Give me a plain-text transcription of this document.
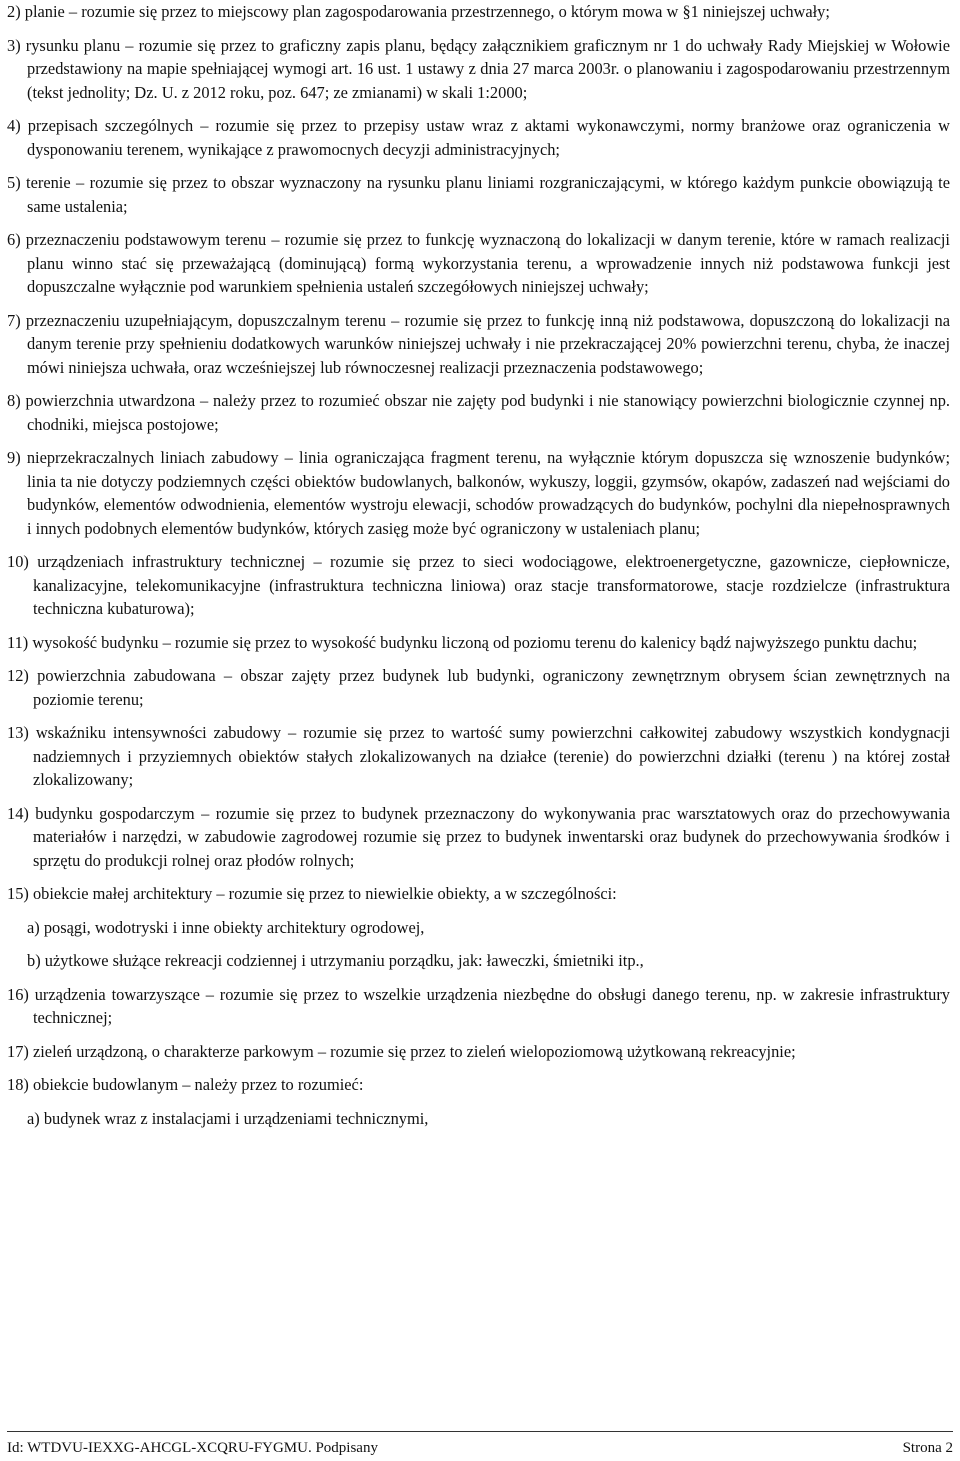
2) planie – rozumie się przez to miejscowy plan zagospodarowania przestrzennego, o którym mowa w §1 niniejszej uchwały;

3) rysunku planu – rozumie się przez to graficzny zapis planu, będący załącznikiem graficznym nr 1 do uchwały Rady Miejskiej w Wołowie przedstawiony na mapie spełniającej wymogi art. 16 ust. 1 ustawy z dnia 27 marca 2003r. o planowaniu i zagospodarowaniu przestrzennym (tekst jednolity; Dz. U. z 2012 roku, poz. 647; ze zmianami) w skali 1:2000;

4) przepisach szczególnych – rozumie się przez to przepisy ustaw wraz z aktami wykonawczymi, normy branżowe oraz ograniczenia w dysponowaniu terenem, wynikające z prawomocnych decyzji administracyjnych;

5) terenie – rozumie się przez to obszar wyznaczony na rysunku planu liniami rozgraniczającymi, w którego każdym punkcie obowiązują te same ustalenia;

6) przeznaczeniu podstawowym terenu – rozumie się przez to funkcję wyznaczoną do lokalizacji w danym terenie, które w ramach realizacji planu winno stać się przeważającą (dominującą) formą wykorzystania terenu, a wprowadzenie innych niż podstawowa funkcji jest dopuszczalne wyłącznie pod warunkiem spełnienia ustaleń szczegółowych niniejszej uchwały;

7) przeznaczeniu uzupełniającym, dopuszczalnym terenu – rozumie się przez to funkcję inną niż podstawowa, dopuszczoną do lokalizacji na danym terenie przy spełnieniu dodatkowych warunków niniejszej uchwały i nie przekraczającej 20% powierzchni terenu, chyba, że inaczej mówi niniejsza uchwała, oraz wcześniejszej lub równoczesnej realizacji przeznaczenia podstawowego;

8) powierzchnia utwardzona – należy przez to rozumieć obszar nie zajęty pod budynki i nie stanowiący powierzchni biologicznie czynnej np. chodniki, miejsca postojowe;

9) nieprzekraczalnych liniach zabudowy – linia ograniczająca fragment terenu, na wyłącznie którym dopuszcza się wznoszenie budynków; linia ta nie dotyczy podziemnych części obiektów budowlanych, balkonów, wykuszy, loggii, gzymsów, okapów, zadaszeń nad wejściami do budynków, elementów odwodnienia, elementów wystroju elewacji, schodów prowadzących do budynków, pochylni dla niepełnosprawnych i innych podobnych elementów budynków, których zasięg może być ograniczony w ustaleniach planu;

10) urządzeniach infrastruktury technicznej – rozumie się przez to sieci wodociągowe, elektroenergetyczne, gazownicze, ciepłownicze, kanalizacyjne, telekomunikacyjne (infrastruktura techniczna liniowa) oraz stacje transformatorowe, stacje rozdzielcze (infrastruktura techniczna kubaturowa);

11) wysokość budynku – rozumie się przez to wysokość budynku liczoną od poziomu terenu do kalenicy bądź najwyższego punktu dachu;

12) powierzchnia zabudowana – obszar zajęty przez budynek lub budynki, ograniczony zewnętrznym obrysem ścian zewnętrznych na poziomie terenu;

13) wskaźniku intensywności zabudowy – rozumie się przez to wartość sumy powierzchni całkowitej zabudowy wszystkich kondygnacji nadziemnych i przyziemnych obiektów stałych zlokalizowanych na działce (terenie) do powierzchni działki (terenu ) na której został zlokalizowany;

14) budynku gospodarczym – rozumie się przez to budynek przeznaczony do wykonywania prac warsztatowych oraz do przechowywania materiałów i narzędzi, w zabudowie zagrodowej rozumie się przez to budynek inwentarski oraz budynek do przechowywania środków i sprzętu do produkcji rolnej oraz płodów rolnych;

15) obiekcie małej architektury – rozumie się przez to niewielkie obiekty, a w szczególności:

a) posągi, wodotryski i inne obiekty architektury ogrodowej,

b) użytkowe służące rekreacji codziennej i utrzymaniu porządku, jak: ławeczki, śmietniki itp.,

16) urządzenia towarzyszące – rozumie się przez to wszelkie urządzenia niezbędne do obsługi danego terenu, np. w zakresie infrastruktury technicznej;

17) zieleń urządzoną, o charakterze parkowym – rozumie się przez to zieleń wielopoziomową użytkowaną rekreacyjnie;

18) obiekcie budowlanym – należy przez to rozumieć:

a) budynek wraz z instalacjami i urządzeniami technicznymi,

Id: WTDVU-IEXXG-AHCGL-XCQRU-FYGMU. Podpisany	Strona 2
